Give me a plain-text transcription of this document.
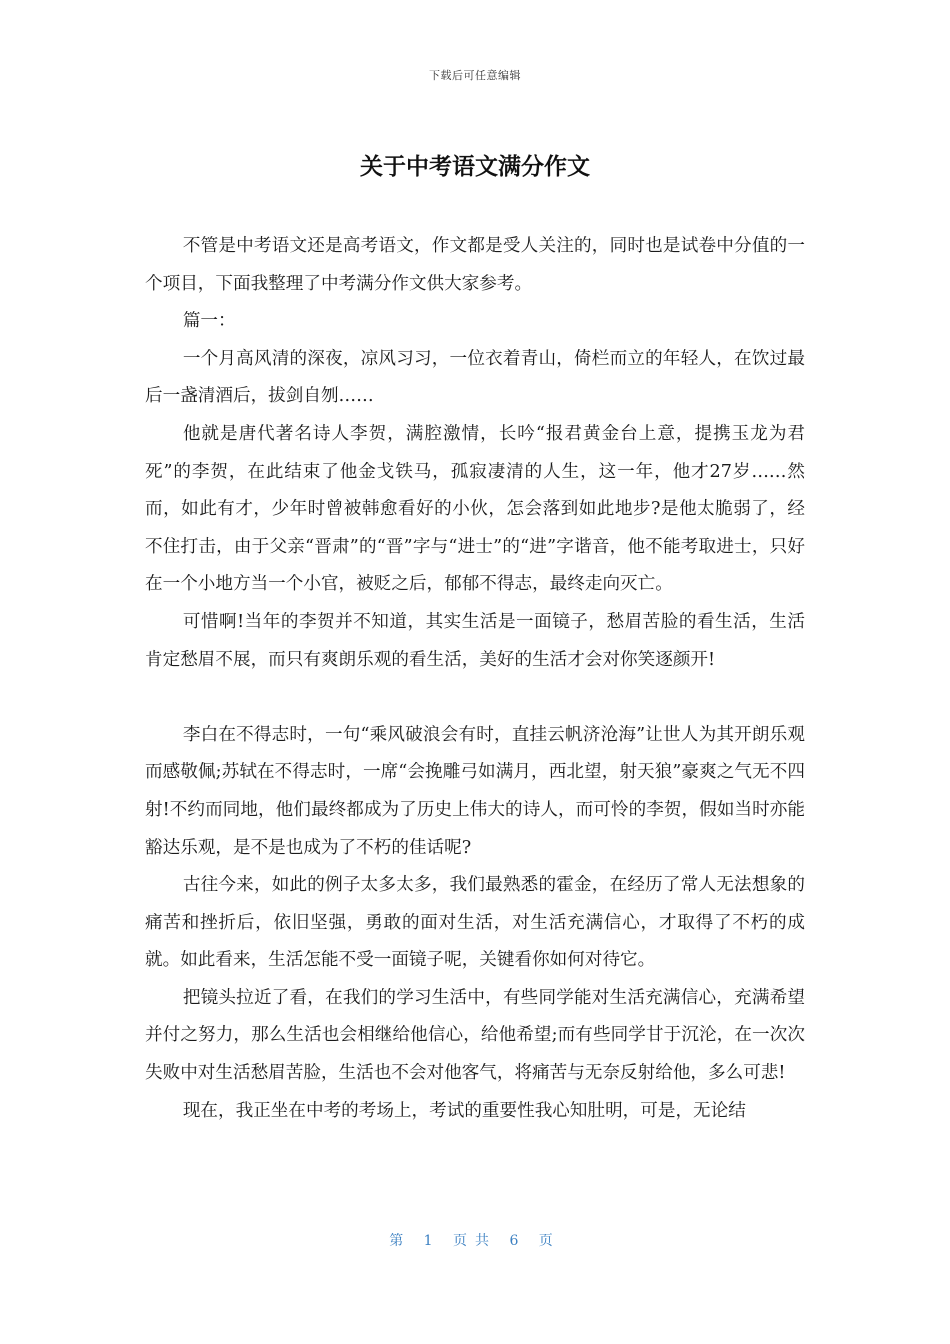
下载后可任意编辑
关于中考语文满分作文

不管是中考语文还是高考语文，作文都是受人关注的，同时也是试卷中分值的一个项目，下面我整理了中考满分作文供大家参考。

篇一：

一个月高风清的深夜，凉风习习，一位衣着青山，倚栏而立的年轻人，在饮过最后一盏清酒后，拔剑自刎……

他就是唐代著名诗人李贺，满腔激情，长吟“报君黄金台上意，提携玉龙为君死”的李贺，在此结束了他金戈铁马，孤寂凄清的人生，这一年，他才27岁……然而，如此有才，少年时曾被韩愈看好的小伙，怎会落到如此地步?是他太脆弱了，经不住打击，由于父亲“晋肃”的“晋”字与“进士”的“进”字谐音，他不能考取进士，只好在一个小地方当一个小官，被贬之后，郁郁不得志，最终走向灭亡。

可惜啊!当年的李贺并不知道，其实生活是一面镜子，愁眉苦脸的看生活，生活肯定愁眉不展，而只有爽朗乐观的看生活，美好的生活才会对你笑逐颜开!

李白在不得志时，一句“乘风破浪会有时，直挂云帆济沧海”让世人为其开朗乐观而感敬佩;苏轼在不得志时，一席“会挽雕弓如满月，西北望，射天狼”豪爽之气无不四射!不约而同地，他们最终都成为了历史上伟大的诗人，而可怜的李贺，假如当时亦能豁达乐观，是不是也成为了不朽的佳话呢?

古往今来，如此的例子太多太多，我们最熟悉的霍金，在经历了常人无法想象的痛苦和挫折后，依旧坚强，勇敢的面对生活，对生活充满信心，才取得了不朽的成就。如此看来，生活怎能不受一面镜子呢，关键看你如何对待它。

把镜头拉近了看，在我们的学习生活中，有些同学能对生活充满信心，充满希望并付之努力，那么生活也会相继给他信心，给他希望;而有些同学甘于沉沦，在一次次失败中对生活愁眉苦脸，生活也不会对他客气，将痛苦与无奈反射给他，多么可悲!

现在，我正坐在中考的考场上，考试的重要性我心知肚明，可是，无论结

第 1 页共 6 页
